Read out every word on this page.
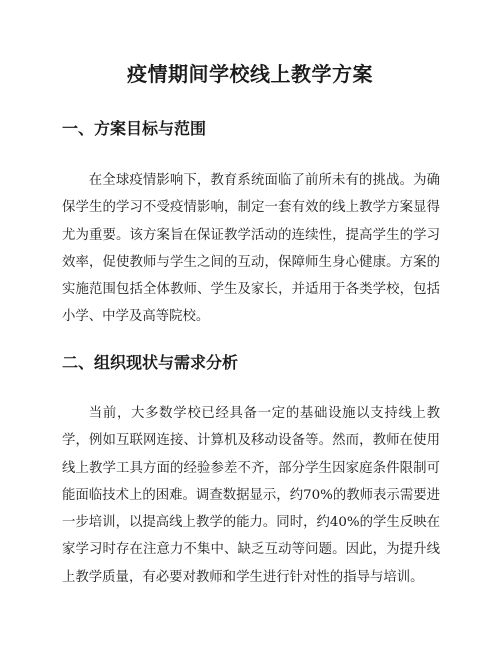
疫情期间学校线上教学方案
一、方案目标与范围

在全球疫情影响下，教育系统面临了前所未有的挑战。为确保学生的学习不受疫情影响，制定一套有效的线上教学方案显得尤为重要。该方案旨在保证教学活动的连续性，提高学生的学习效率，促使教师与学生之间的互动，保障师生身心健康。方案的实施范围包括全体教师、学生及家长，并适用于各类学校，包括小学、中学及高等院校。

二、组织现状与需求分析

当前，大多数学校已经具备一定的基础设施以支持线上教学，例如互联网连接、计算机及移动设备等。然而，教师在使用线上教学工具方面的经验参差不齐，部分学生因家庭条件限制可能面临技术上的困难。调查数据显示，约70%的教师表示需要进一步培训，以提高线上教学的能力。同时，约40%的学生反映在家学习时存在注意力不集中、缺乏互动等问题。因此，为提升线上教学质量，有必要对教师和学生进行针对性的指导与培训。
